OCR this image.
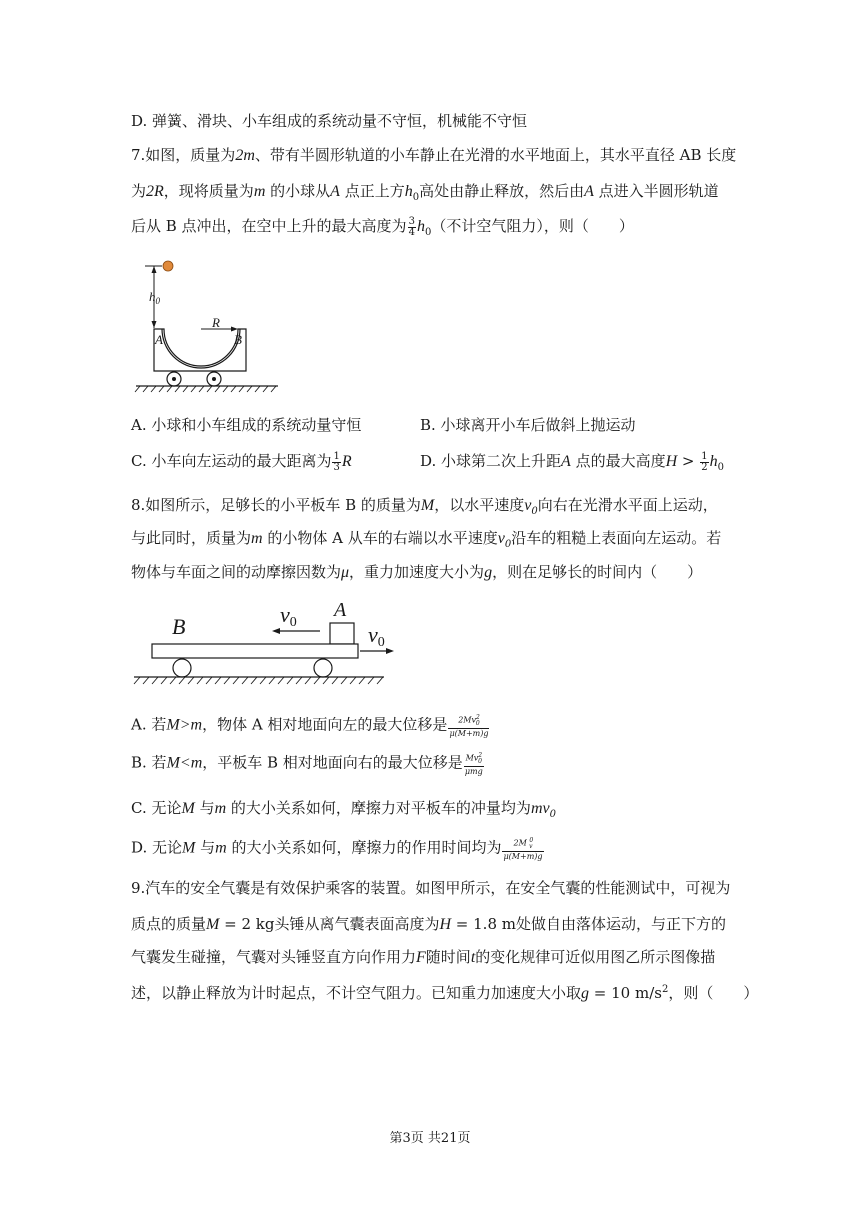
D. 弹簧、滑块、小车组成的系统动量不守恒，机械能不守恒
7.如图，质量为2m、带有半圆形轨道的小车静止在光滑的水平地面上，其水平直径 AB 长度
为2R，现将质量为m 的小球从A 点正上方$h_0$高处由静止释放，然后由A 点进入半圆形轨道
后从 B 点冲出，在空中上升的最大高度为 $\frac{3}{4} h_0$（不计空气阻力），则（　　）
$h_0$
A	B
R
A. 小球和小车组成的系统动量守恒	B. 小球离开小车后做斜上抛运动
C. 小车向左运动的最大距离为 $\frac{1}{3}$ R	D. 小球第二次上升距A 点的最大高度$H > \frac{1}{2} h_0$
8.如图所示，足够长的小平板车 B 的质量为M，以水平速度$v_0$向右在光滑水平面上运动，
与此同时，质量为m 的小物体 A 从车的右端以水平速度$v_0$沿车的粗糙上表面向左运动。若
物体与车面之间的动摩擦因数为μ，重力加速度大小为g，则在足够长的时间内（　　）
B	v0
A
v0
A. 若M>m，物体 A 相对地面向左的最大位移是 $\frac{2Mv^2_0}{\mu(M+m)g}$
B. 若M<m，平板车 B 相对地面向右的最大位移是 $\frac{Mv^2_0}{\text{μmg}}$
C. 无论M 与m 的大小关系如何，摩擦力对平板车的冲量均为$mv_0$
D. 无论M 与m 的大小关系如何，摩擦力的作用时间均为 $\frac{2M ^0_v}{\mu(M+m)g}$
9.汽车的安全气囊是有效保护乘客的装置。如图甲所示，在安全气囊的性能测试中，可视为
质点的质量M = 2 kg头锤从离气囊表面高度为H = 1.8 m处做自由落体运动，与正下方的
气囊发生碰撞，气囊对头锤竖直方向作用力F随时间t的变化规律可近似用图乙所示图像描
述，以静止释放为计时起点，不计空气阻力。已知重力加速度大小取g = 10 $m/s^2$，则（　　）
第3页 共21页
